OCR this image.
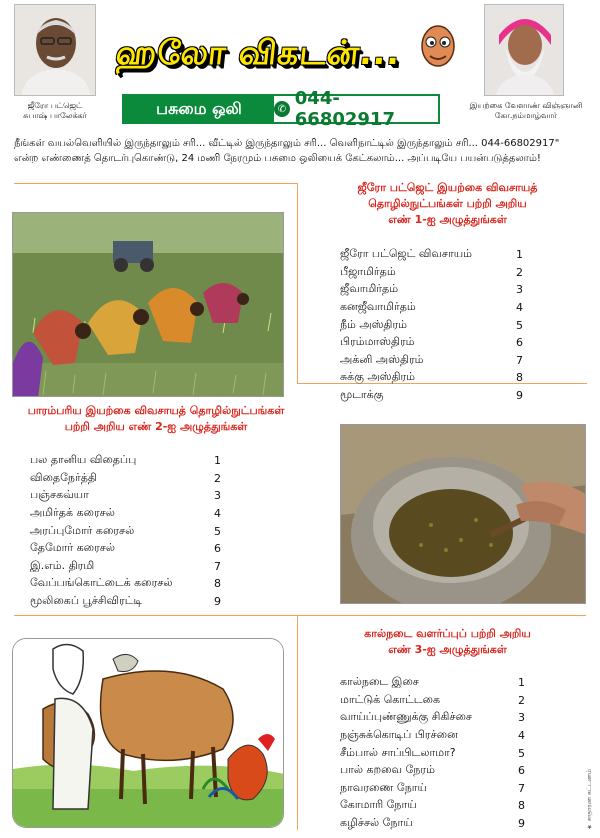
ஜீரோ பட்ஜெட்
சுபாஷ் பாலேக்கர்
ஹலோ விகடன்...
இயற்கை வேளாண் விஞ்ஞானி
கோ.நம்மாழ்வார்
பசுமை ஒலி	✆ 044-66802917
நீங்கள் வயல்வெளியில் இருந்தாலும் சரி... வீட்டில் இருந்தாலும் சரி... வெளிநாட்டில் இருந்தாலும் சரி... 044-66802917" என்ற எண்ணைத் தொடர்புகொண்டு, 24 மணி நேரமும் பசுமை ஒலியைக் கேட்கலாம்... அப்படியே பயன்படுத்தலாம்!
ஜீரோ பட்ஜெட் இயற்கை விவசாயத்
தொழில்நுட்பங்கள் பற்றி அறிய
எண் 1-ஐ அழுத்துங்கள்
ஜீரோ பட்ஜெட் விவசாயம்	1
பீஜாமிர்தம்	2
ஜீவாமிர்தம்	3
கனஜீவாமிர்தம்	4
நீம் அஸ்திரம்	5
பிரம்மாஸ்திரம்	6
அக்னி அஸ்திரம்	7
சுக்கு அஸ்திரம்	8
மூடாக்கு	9
பாரம்பரிய இயற்கை விவசாயத் தொழில்நுட்பங்கள்
பற்றி அறிய எண் 2-ஐ அழுத்துங்கள்
பல தானிய விதைப்பு	1
விதைநேர்த்தி	2
பஞ்சகவ்யா	3
அமிர்தக் கரைசல்	4
அரப்புமோர் கரைசல்	5
தேமோர் கரைசல்	6
இ.எம். திரமி	7
வேப்பங்கொட்டைக் கரைசல்	8
மூலிகைப் பூச்சிவிரட்டி	9
கால்நடை வளர்ப்புப் பற்றி அறிய
எண் 3-ஐ அழுத்துங்கள்
கால்நடை இசை	1
மாட்டுக் கொட்டகை	2
வாய்ப்புண்ணுக்கு சிகிச்சை	3
நஞ்சுக்கொடிப் பிரச்னை	4
சீம்பால் சாப்பிடலாமா?	5
பால் கறவை நேரம்	6
நாவரணை நோய்	7
கோமாரி நோய்	8
கழிச்சல் நோய்	9	★ சாதாரண கட்டணம்
